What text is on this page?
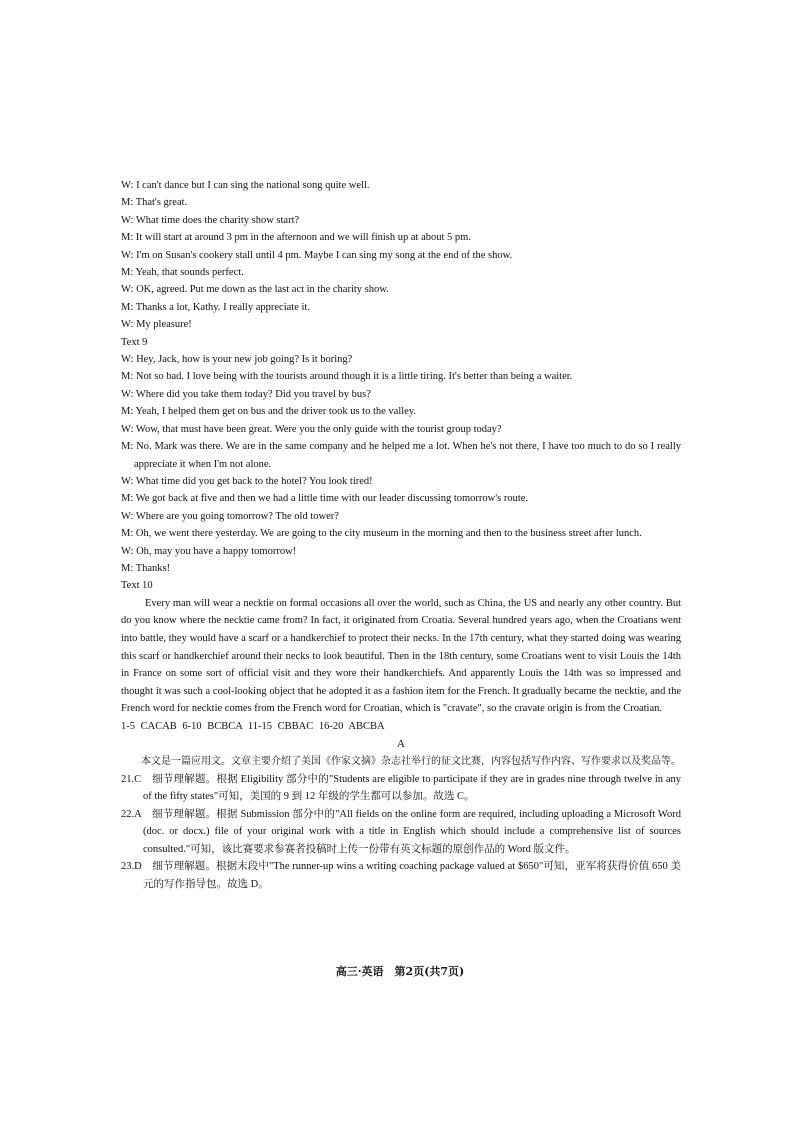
W: I can't dance but I can sing the national song quite well.
M: That's great.
W: What time does the charity show start?
M: It will start at around 3 pm in the afternoon and we will finish up at about 5 pm.
W: I'm on Susan's cookery stall until 4 pm. Maybe I can sing my song at the end of the show.
M: Yeah, that sounds perfect.
W: OK, agreed. Put me down as the last act in the charity show.
M: Thanks a lot, Kathy. I really appreciate it.
W: My pleasure!
Text 9
W: Hey, Jack, how is your new job going? Is it boring?
M: Not so bad. I love being with the tourists around though it is a little tiring. It's better than being a waiter.
W: Where did you take them today? Did you travel by bus?
M: Yeah, I helped them get on bus and the driver took us to the valley.
W: Wow, that must have been great. Were you the only guide with the tourist group today?
M: No. Mark was there. We are in the same company and he helped me a lot. When he's not there, I have too much to do so I really appreciate it when I'm not alone.
W: What time did you get back to the hotel? You look tired!
M: We got back at five and then we had a little time with our leader discussing tomorrow's route.
W: Where are you going tomorrow? The old tower?
M: Oh, we went there yesterday. We are going to the city museum in the morning and then to the business street after lunch.
W: Oh, may you have a happy tomorrow!
M: Thanks!
Text 10
Every man will wear a necktie on formal occasions all over the world, such as China, the US and nearly any other country. But do you know where the necktie came from? In fact, it originated from Croatia. Several hundred years ago, when the Croatians went into battle, they would have a scarf or a handkerchief to protect their necks. In the 17th century, what they started doing was wearing this scarf or handkerchief around their necks to look beautiful. Then in the 18th century, some Croatians went to visit Louis the 14th in France on some sort of official visit and they wore their handkerchiefs. And apparently Louis the 14th was so impressed and thought it was such a cool-looking object that he adopted it as a fashion item for the French. It gradually became the necktie, and the French word for necktie comes from the French word for Croatian, which is "cravate", so the cravate origin is from the Croatian.
1-5 CACAB 6-10 BCBCA 11-15 CBBAC 16-20 ABCBA
A
本文是一篇应用文。文章主要介绍了美国《作家文摘》杂志社举行的征文比赛，内容包括写作内容、写作要求以及奖品等。
21.C　细节理解题。根据 Eligibility 部分中的"Students are eligible to participate if they are in grades nine through twelve in any of the fifty states"可知，美国的 9 到 12 年级的学生都可以参加。故选 C。
22.A　细节理解题。根据 Submission 部分中的"All fields on the online form are required, including uploading a Microsoft Word (doc. or docx.) file of your original work with a title in English which should include a comprehensive list of sources consulted."可知，该比赛要求参赛者投稿时上传一份带有英文标题的原创作品的 Word 版文件。
23.D　细节理解题。根据末段中"The runner-up wins a writing coaching package valued at $650"可知，亚军将获得价值 650 美元的写作指导包。故选 D。
高三·英语　第2页(共7页)
